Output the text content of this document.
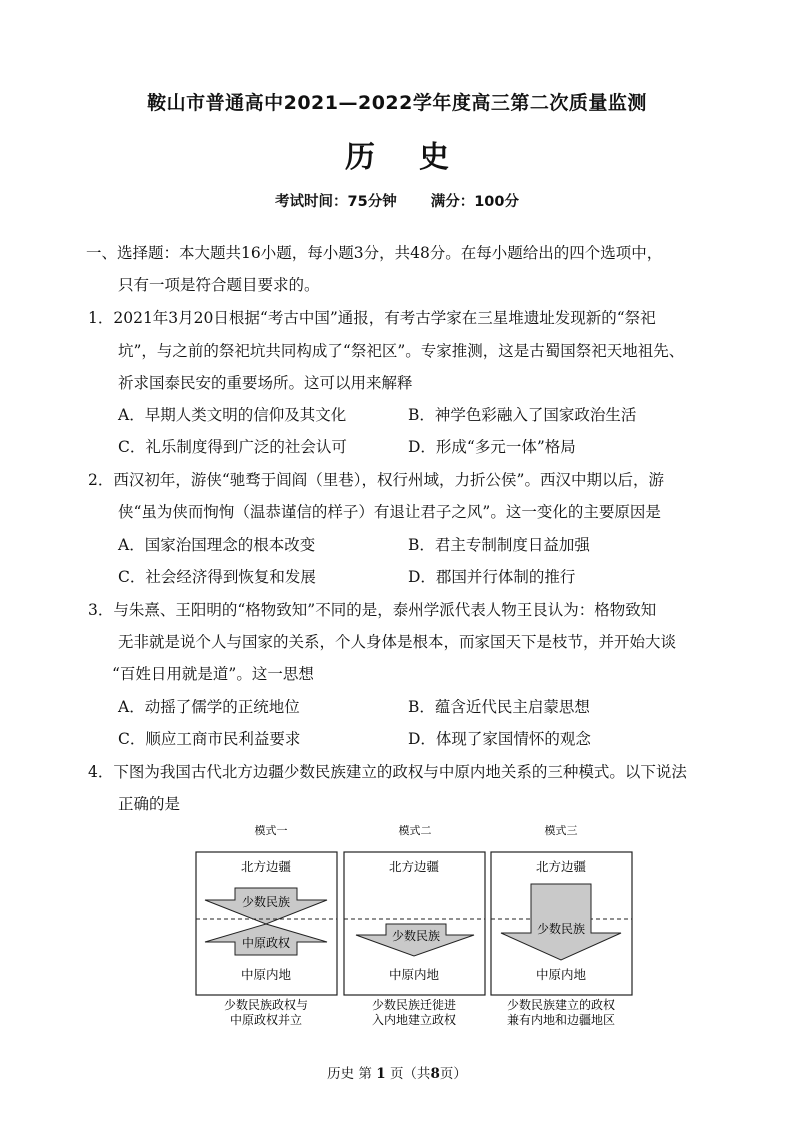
鞍山市普通高中2021—2022学年度高三第二次质量监测
历 史
考试时间：75分钟 满分：100分
一、选择题：本大题共16小题，每小题3分，共48分。在每小题给出的四个选项中，
只有一项是符合题目要求的。
1．2021年3月20日根据“考古中国”通报，有考古学家在三星堆遗址发现新的“祭祀
坑”，与之前的祭祀坑共同构成了“祭祀区”。专家推测，这是古蜀国祭祀天地祖先、
祈求国泰民安的重要场所。这可以用来解释
A．早期人类文明的信仰及其文化	B．神学色彩融入了国家政治生活
C．礼乐制度得到广泛的社会认可	D．形成“多元一体”格局
2．西汉初年，游侠“驰骛于闾阎（里巷），权行州域，力折公侯”。西汉中期以后，游
侠“虽为侠而恂恂（温恭谨信的样子）有退让君子之风”。这一变化的主要原因是
A．国家治国理念的根本改变	B．君主专制制度日益加强
C．社会经济得到恢复和发展	D．郡国并行体制的推行
3．与朱熹、王阳明的“格物致知”不同的是，泰州学派代表人物王艮认为：格物致知
无非就是说个人与国家的关系，个人身体是根本，而家国天下是枝节，并开始大谈
“百姓日用就是道”。这一思想
A．动摇了儒学的正统地位	B．蕴含近代民主启蒙思想
C．顺应工商市民利益要求	D．体现了家国情怀的观念
4．下图为我国古代北方边疆少数民族建立的政权与中原内地关系的三种模式。以下说法
正确的是
模式一
北方边疆
少数民族
中原政权
中原内地
少数民族政权与
中原政权并立
模式二
北方边疆
少数民族
中原内地
少数民族迁徙进
入内地建立政权
模式三
北方边疆
少数民族
中原内地
少数民族建立的政权
兼有内地和边疆地区
历史 第 1 页（共8页）
